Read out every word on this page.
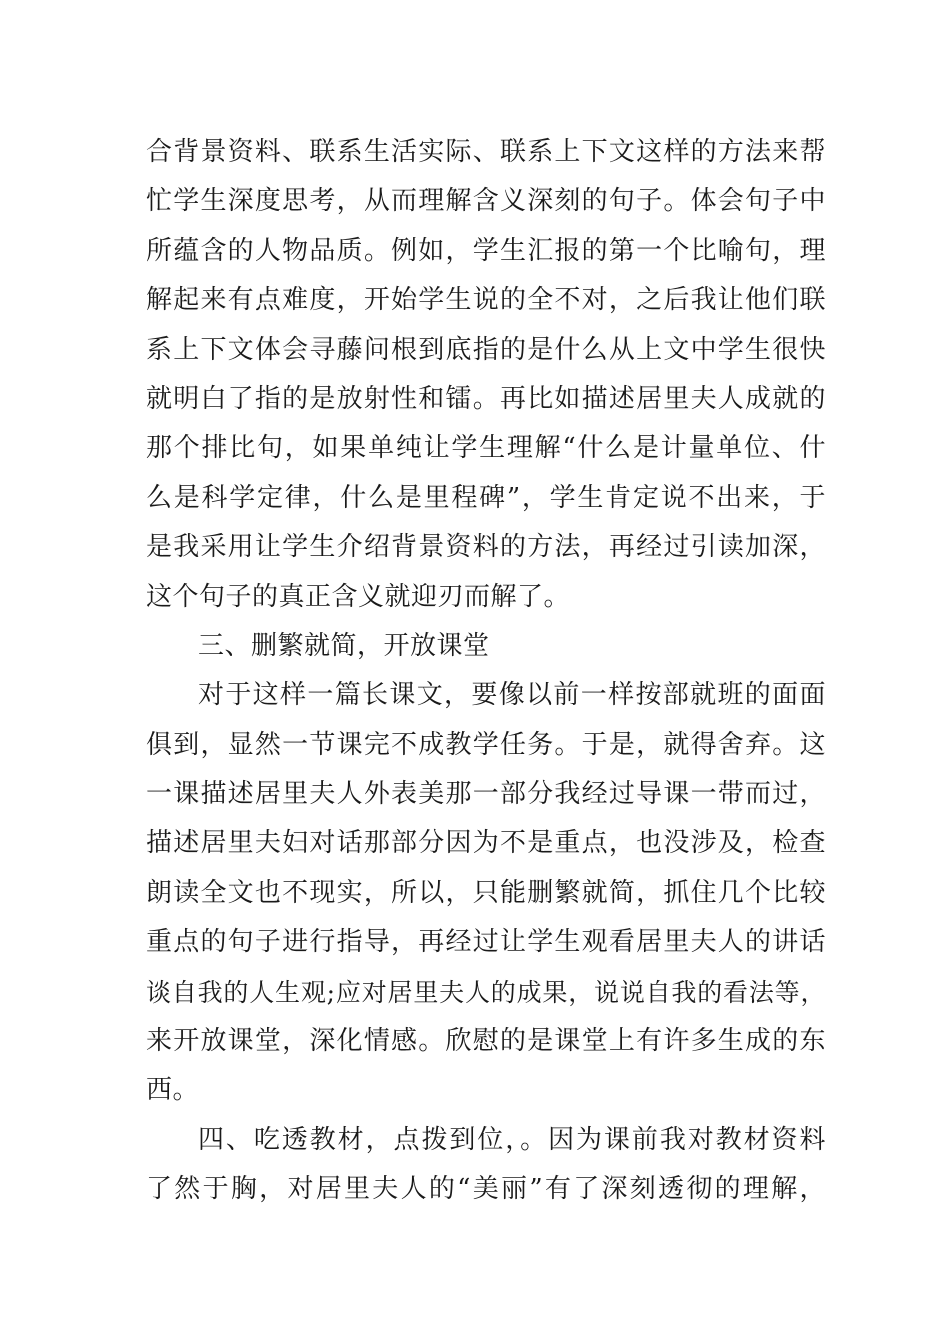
合背景资料、联系生活实际、联系上下文这样的方法来帮
忙学生深度思考，从而理解含义深刻的句子。体会句子中
所蕴含的人物品质。例如，学生汇报的第一个比喻句，理
解起来有点难度，开始学生说的全不对，之后我让他们联
系上下文体会寻藤问根到底指的是什么从上文中学生很快
就明白了指的是放射性和镭。再比如描述居里夫人成就的
那个排比句，如果单纯让学生理解“什么是计量单位、什
么是科学定律，什么是里程碑”，学生肯定说不出来，于
是我采用让学生介绍背景资料的方法，再经过引读加深，
这个句子的真正含义就迎刃而解了。
三、删繁就简，开放课堂
对于这样一篇长课文，要像以前一样按部就班的面面
俱到，显然一节课完不成教学任务。于是，就得舍弃。这
一课描述居里夫人外表美那一部分我经过导课一带而过，
描述居里夫妇对话那部分因为不是重点，也没涉及，检查
朗读全文也不现实，所以，只能删繁就简，抓住几个比较
重点的句子进行指导，再经过让学生观看居里夫人的讲话
谈自我的人生观;应对居里夫人的成果，说说自我的看法等，
来开放课堂，深化情感。欣慰的是课堂上有许多生成的东
西。
四、吃透教材，点拨到位，。因为课前我对教材资料
了然于胸，对居里夫人的“美丽”有了深刻透彻的理解，
